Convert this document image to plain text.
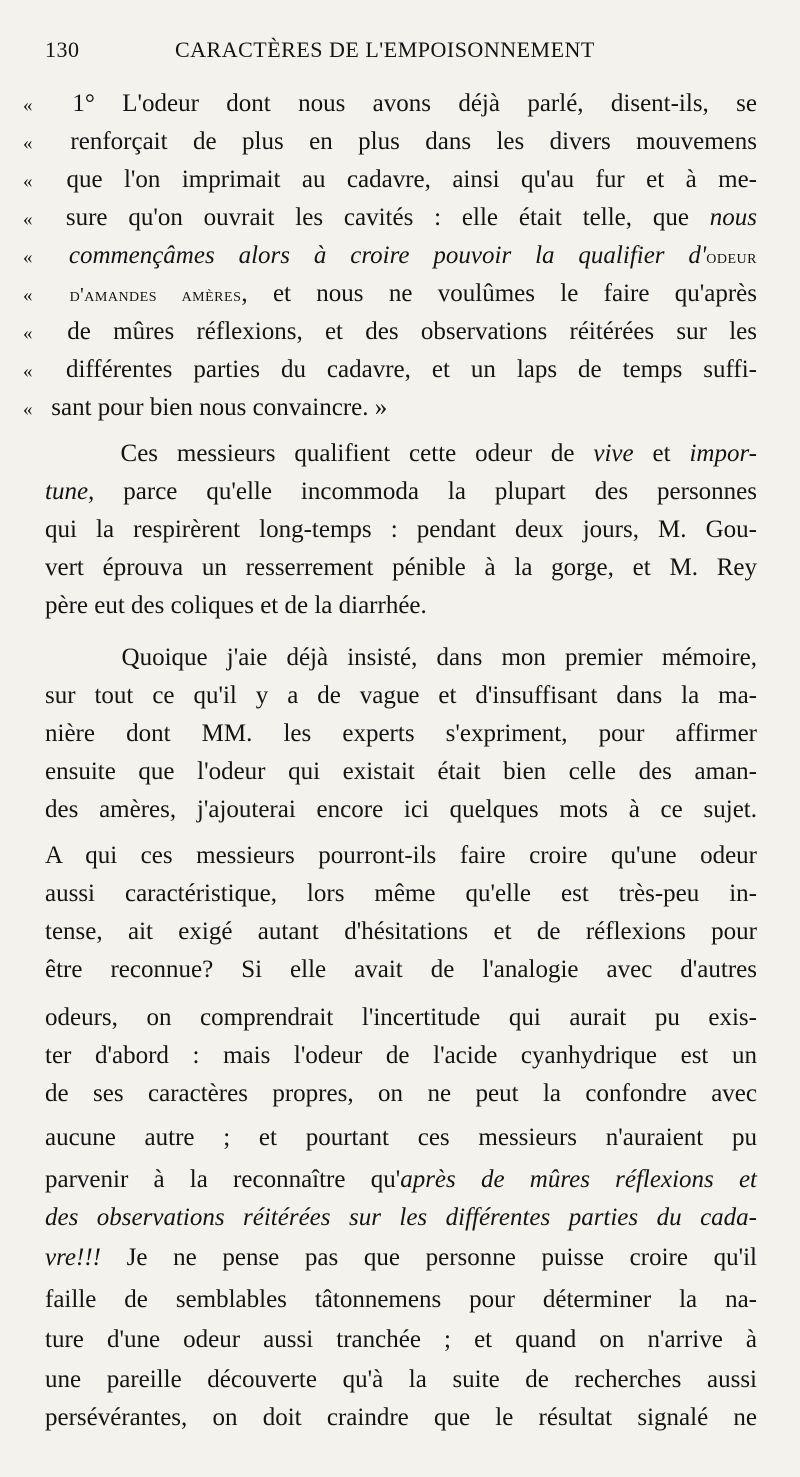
130	CARACTÈRES DE L'EMPOISONNEMENT
« 1° L'odeur dont nous avons déjà parlé, disent-ils, se
« renforçait de plus en plus dans les divers mouvemens
« que l'on imprimait au cadavre, ainsi qu'au fur et à me-
« sure qu'on ouvrait les cavités : elle était telle, que nous
« commençâmes alors à croire pouvoir la qualifier d'odeur
« d'amandes amères, et nous ne voulûmes le faire qu'après
« de mûres réflexions, et des observations réitérées sur les
« différentes parties du cadavre, et un laps de temps suffi-
« sant pour bien nous convaincre. »
Ces messieurs qualifient cette odeur de vive et impor-
tune, parce qu'elle incommoda la plupart des personnes
qui la respirèrent long-temps : pendant deux jours, M. Gou-
vert éprouva un resserrement pénible à la gorge, et M. Rey
père eut des coliques et de la diarrhée.
Quoique j'aie déjà insisté, dans mon premier mémoire,
sur tout ce qu'il y a de vague et d'insuffisant dans la ma-
nière dont MM. les experts s'expriment, pour affirmer
ensuite que l'odeur qui existait était bien celle des aman-
des amères, j'ajouterai encore ici quelques mots à ce sujet.
A qui ces messieurs pourront-ils faire croire qu'une odeur
aussi caractéristique, lors même qu'elle est très-peu in-
tense, ait exigé autant d'hésitations et de réflexions pour
être reconnue? Si elle avait de l'analogie avec d'autres
odeurs, on comprendrait l'incertitude qui aurait pu exis-
ter d'abord : mais l'odeur de l'acide cyanhydrique est un
de ses caractères propres, on ne peut la confondre avec
aucune autre ; et pourtant ces messieurs n'auraient pu
parvenir à la reconnaître qu'après de mûres réflexions et
des observations réitérées sur les différentes parties du cada-
vre!!! Je ne pense pas que personne puisse croire qu'il
faille de semblables tâtonnemens pour déterminer la na-
ture d'une odeur aussi tranchée ; et quand on n'arrive à
une pareille découverte qu'à la suite de recherches aussi
persévérantes, on doit craindre que le résultat signalé ne
